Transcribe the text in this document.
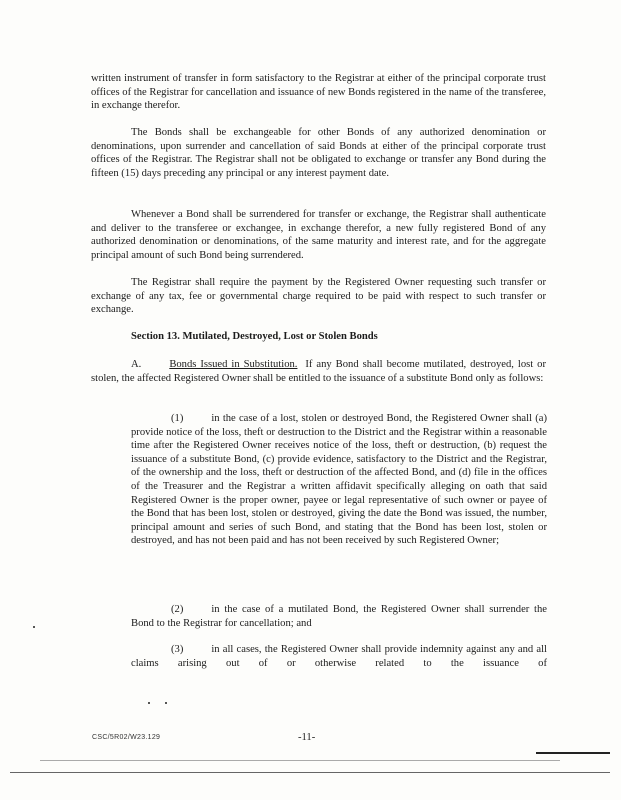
written instrument of transfer in form satisfactory to the Registrar at either of the principal corporate trust offices of the Registrar for cancellation and issuance of new Bonds registered in the name of the transferee, in exchange therefor.

The Bonds shall be exchangeable for other Bonds of any authorized denomination or denominations, upon surrender and cancellation of said Bonds at either of the principal corporate trust offices of the Registrar. The Registrar shall not be obligated to exchange or transfer any Bond during the fifteen (15) days preceding any principal or any interest payment date.

Whenever a Bond shall be surrendered for transfer or exchange, the Registrar shall authenticate and deliver to the transferee or exchangee, in exchange therefor, a new fully registered Bond of any authorized denomination or denominations, of the same maturity and interest rate, and for the aggregate principal amount of such Bond being surrendered.

The Registrar shall require the payment by the Registered Owner requesting such transfer or exchange of any tax, fee or governmental charge required to be paid with respect to such transfer or exchange.

Section 13. Mutilated, Destroyed, Lost or Stolen Bonds

A.	Bonds Issued in Substitution. If any Bond shall become mutilated, destroyed, lost or stolen, the affected Registered Owner shall be entitled to the issuance of a substitute Bond only as follows:

(1)	in the case of a lost, stolen or destroyed Bond, the Registered Owner shall (a) provide notice of the loss, theft or destruction to the District and the Registrar within a reasonable time after the Registered Owner receives notice of the loss, theft or destruction, (b) request the issuance of a substitute Bond, (c) provide evidence, satisfactory to the District and the Registrar, of the ownership and the loss, theft or destruction of the affected Bond, and (d) file in the offices of the Treasurer and the Registrar a written affidavit specifically alleging on oath that said Registered Owner is the proper owner, payee or legal representative of such owner or payee of the Bond that has been lost, stolen or destroyed, giving the date the Bond was issued, the number, principal amount and series of such Bond, and stating that the Bond has been lost, stolen or destroyed, and has not been paid and has not been received by such Registered Owner;

(2)	in the case of a mutilated Bond, the Registered Owner shall surrender the Bond to the Registrar for cancellation; and

(3)	in all cases, the Registered Owner shall provide indemnity against any and all claims arising out of or otherwise related to the issuance of

CSC/5R02/W23.129	-11-
